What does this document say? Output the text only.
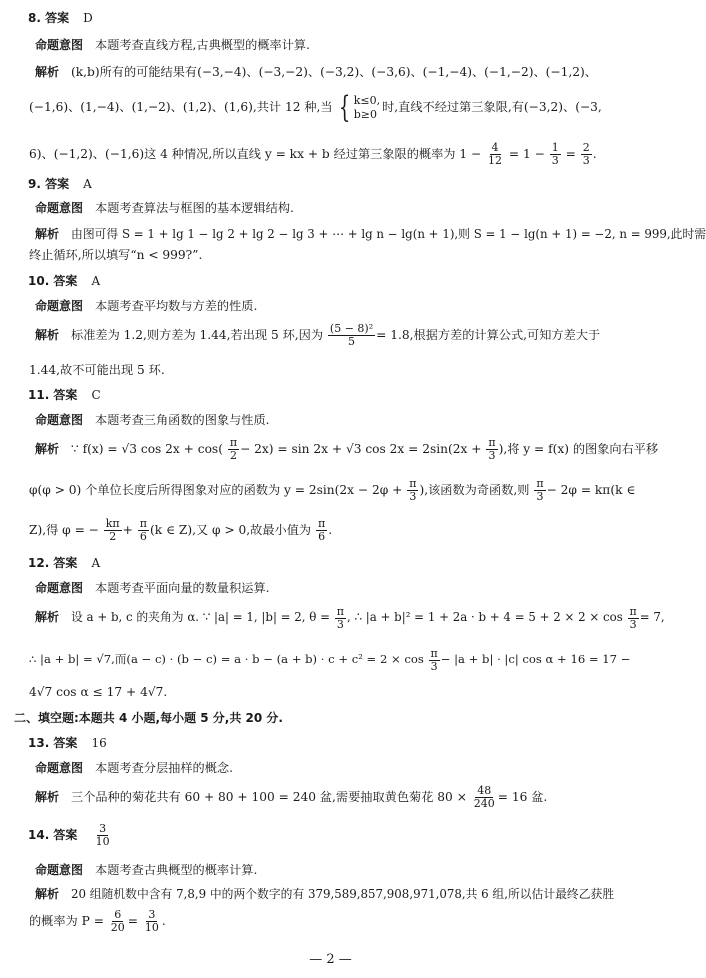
8. 答案 D
命题意图 本题考查直线方程,古典概型的概率计算.
解析 (k,b)所有的可能结果有(−3,−4)、(−3,−2)、(−3,2)、(−3,6)、(−1,−4)、(−1,−2)、(−1,2)、
(−1,6)、(1,−4)、(1,−2)、(1,2)、(1,6),共计 12 种,当 { k≤0,
b≥0 时,直线不经过第三象限,有(−3,2)、(−3,
6)、(−1,2)、(−1,6)这 4 种情况,所以直线 y = kx + b 经过第三象限的概率为 $1 - \frac{4}{12} = 1 - \frac{1}{3} = \frac{2}{3}$ .
9. 答案 A
命题意图 本题考查算法与框图的基本逻辑结构.
解析 由图可得 S = 1 + lg 1 − lg 2 + lg 2 − lg 3 + ⋯ + lg n − lg(n + 1),则 S = 1 − lg(n + 1) = −2, n = 999,此时需
终止循环,所以填写“n < 999?”.
10. 答案 A
命题意图 本题考查平均数与方差的性质.
解析 标准差为 1.2,则方差为 1.44,若出现 5 环,因为 $\frac{\text{(5 − 8)²}}{5} = 1.8$,根据方差的计算公式,可知方差大于
1.44,故不可能出现 5 环.
11. 答案 C
命题意图 本题考查三角函数的图象与性质.
解析 ∵ f(x) = √3 $\cos 2x + \cos( \frac{\pi}{2} - 2x) = \sin 2x + √3$ $\cos 2x = 2\sin(2x + \frac{\pi}{3}$ ),将 y = f(x) 的图象向右平移
φ(φ > 0) 个单位长度后所得图象对应的函数为 $y = 2\sin(2x - 2\varphi + \frac{\pi}{3}$ ),该函数为奇函数,则 $\frac{\pi}{3} - 2\varphi = k\pi(k$ ∈
Z),得 φ = − $\frac{k\pi}{2} + \frac{\pi}{6} (k$ ∈ Z),又 φ > 0,故最小值为 $\frac{\pi}{6}$ .
12. 答案 A
命题意图 本题考查平面向量的数量积运算.
解析 设 a + b, c 的夹角为 α. ∵ |a| = 1, |b| = 2, $\theta = \frac{\pi}{3}$ , ∴ $|a + b|^2 = 1 + 2a \cdot b + 4 = 5 + 2 \times 2 \times \cos \frac{\pi}{3} = 7$,
∴ |a + b| = √7,而$(a - c) \cdot (b - c) = a \cdot b - (a + b) \cdot c + c^2 = 2 \times \cos \frac{\pi}{3} - |a + b| \cdot |c|$ cos α + 16 = 17 −
4√7 cos α ≤ 17 + 4√7.
二、填空题:本题共 4 小题,每小题 5 分,共 20 分.
13. 答案 16
命题意图 本题考查分层抽样的概念.
解析 三个品种的菊花共有 60 + 80 + 100 = 240 盆,需要抽取黄色菊花 $80 \times \frac{48}{240} = 16$ 盆.
14. 答案 $\frac{3}{10}$
命题意图 本题考查古典概型的概率计算.
解析 20 组随机数中含有 7,8,9 中的两个数字的有 379,589,857,908,971,078,共 6 组,所以估计最终乙获胜
的概率为 $P = \frac{6}{20} = \frac{3}{10}$ .
— 2 —
